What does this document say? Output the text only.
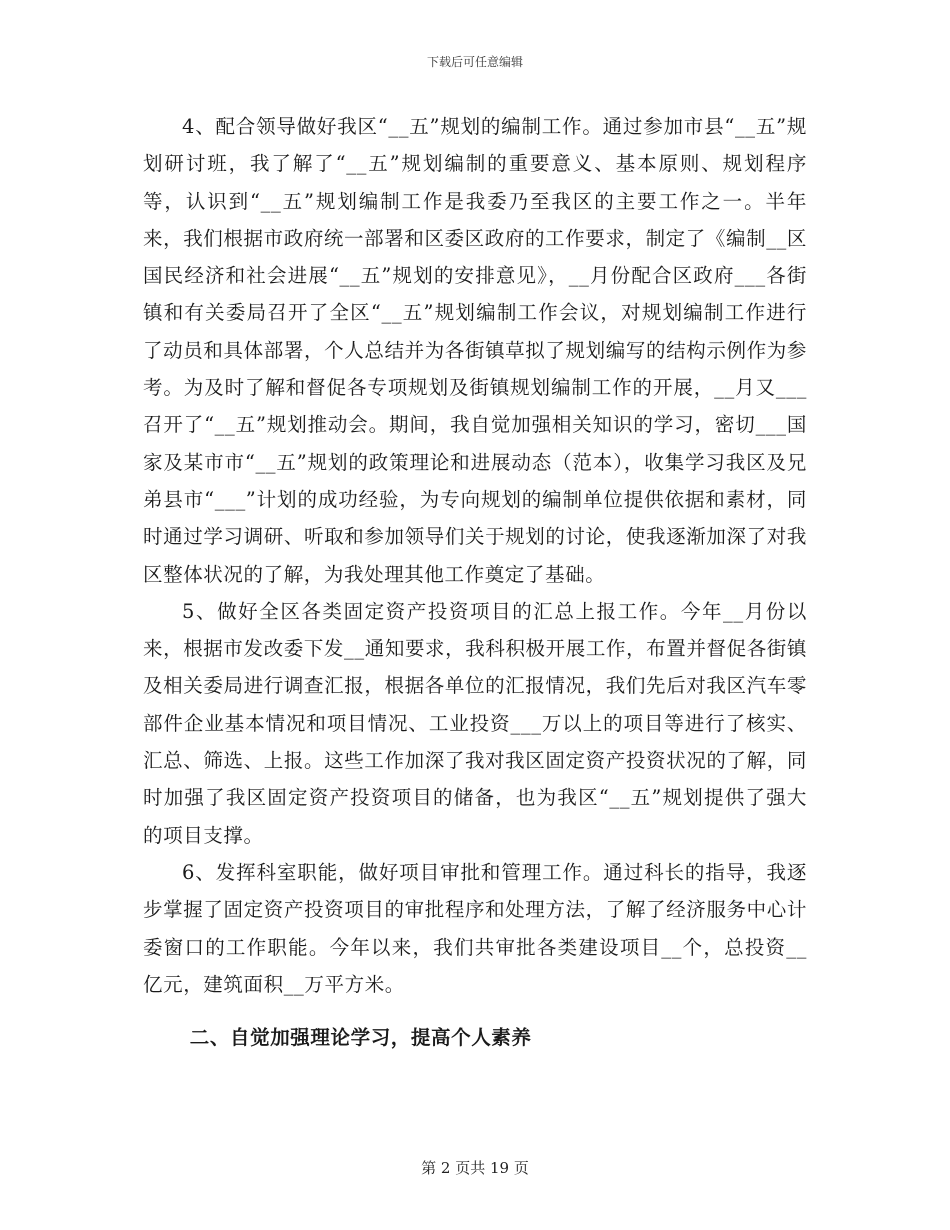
下载后可任意编辑

4、配合领导做好我区“__五”规划的编制工作。通过参加市县“__五”规划研讨班，我了解了“__五”规划编制的重要意义、基本原则、规划程序等，认识到“__五”规划编制工作是我委乃至我区的主要工作之一。半年来，我们根据市政府统一部署和区委区政府的工作要求，制定了《编制__区国民经济和社会进展“__五”规划的安排意见》，__月份配合区政府___各街镇和有关委局召开了全区“__五”规划编制工作会议，对规划编制工作进行了动员和具体部署，个人总结并为各街镇草拟了规划编写的结构示例作为参考。为及时了解和督促各专项规划及街镇规划编制工作的开展，__月又___召开了“__五”规划推动会。期间，我自觉加强相关知识的学习，密切___国家及某市市“__五”规划的政策理论和进展动态（范本），收集学习我区及兄弟县市“___”计划的成功经验，为专向规划的编制单位提供依据和素材，同时通过学习调研、听取和参加领导们关于规划的讨论，使我逐渐加深了对我区整体状况的了解，为我处理其他工作奠定了基础。

5、做好全区各类固定资产投资项目的汇总上报工作。今年__月份以来，根据市发改委下发__通知要求，我科积极开展工作，布置并督促各街镇及相关委局进行调查汇报，根据各单位的汇报情况，我们先后对我区汽车零部件企业基本情况和项目情况、工业投资___万以上的项目等进行了核实、汇总、筛选、上报。这些工作加深了我对我区固定资产投资状况的了解，同时加强了我区固定资产投资项目的储备，也为我区“__五”规划提供了强大的项目支撑。

6、发挥科室职能，做好项目审批和管理工作。通过科长的指导，我逐步掌握了固定资产投资项目的审批程序和处理方法，了解了经济服务中心计委窗口的工作职能。今年以来，我们共审批各类建设项目__个，总投资__亿元，建筑面积__万平方米。

二、自觉加强理论学习，提高个人素养

第 2 页共 19 页
